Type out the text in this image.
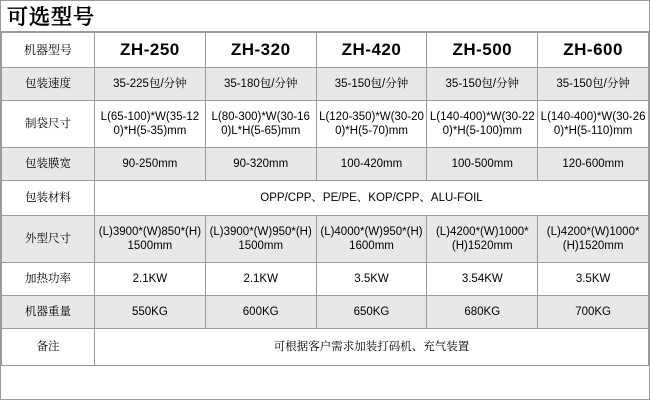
可选型号
机器型号	ZH-250	ZH-320	ZH-420	ZH-500	ZH-600
包装速度	35-225包/分钟	35-180包/分钟	35-150包/分钟	35-150包/分钟	35-150包/分钟
制袋尺寸	L(65-100)*W(35-120)*H(5-35)mm	L(80-300)*W(30-160)L*H(5-65)mm	L(120-350)*W(30-200)*H(5-70)mm	L(140-400)*W(30-220)*H(5-100)mm	L(140-400)*W(30-260)*H(5-110)mm
包装膜宽	90-250mm	90-320mm	100-420mm	100-500mm	120-600mm
包装材料	OPP/CPP、PE/PE、KOP/CPP、ALU-FOIL				
外型尺寸	(L)3900*(W)850*(H)1500mm	(L)3900*(W)950*(H)1500mm	(L)4000*(W)950*(H)1600mm	(L)4200*(W)1000*(H)1520mm	(L)4200*(W)1000*(H)1520mm
加热功率	2.1KW	2.1KW	3.5KW	3.54KW	3.5KW
机器重量	550KG	600KG	650KG	680KG	700KG
备注	可根据客户需求加装打码机、充气装置				
